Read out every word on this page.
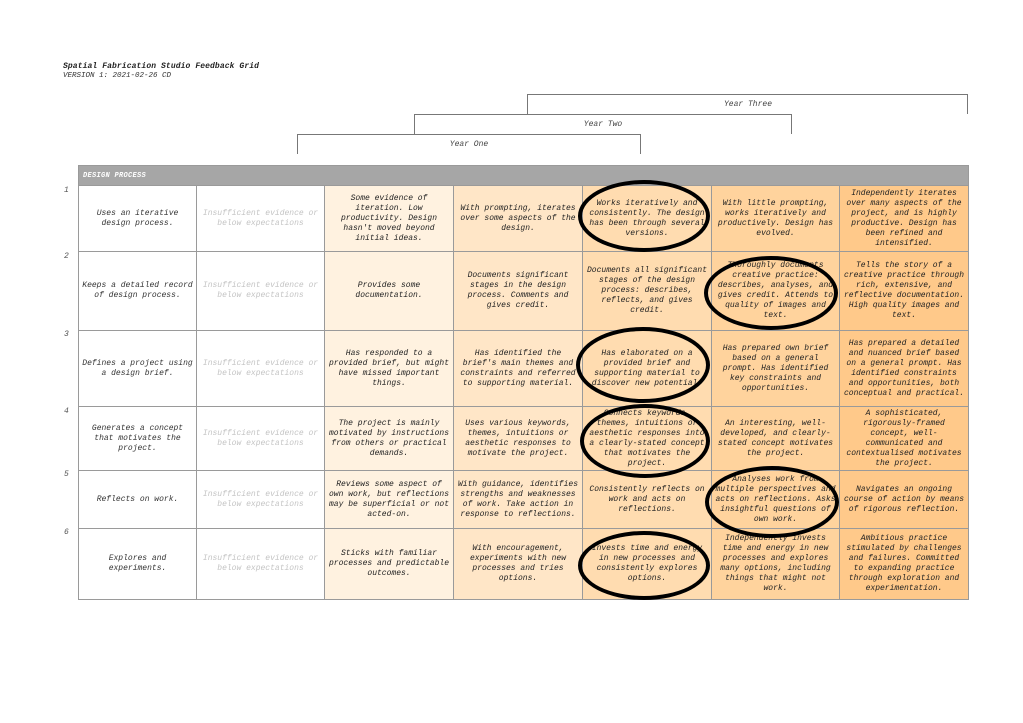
Spatial Fabrication Studio Feedback Grid
VERSION 1: 2021-02-26 CD
Year Three
Year Two
Year One
DESIGN PROCESS						
Uses an iterative design process.	Insufficient evidence or below expectations	Some evidence of iteration. Low productivity. Design hasn't moved beyond initial ideas.	With prompting, iterates over some aspects of the design.	Works iteratively and consistently. The design has been through several versions.	With little prompting, works iteratively and productively. Design has evolved.	Independently iterates over many aspects of the project, and is highly productive. Design has been refined and intensified.
Keeps a detailed record of design process.	Insufficient evidence or below expectations	Provides some documentation.	Documents significant stages in the design process. Comments and gives credit.	Documents all significant stages of the design process: describes, reflects, and gives credit.	Thoroughly documents creative practice: describes, analyses, and gives credit. Attends to quality of images and text.	Tells the story of a creative practice through rich, extensive, and reflective documentation. High quality images and text.
Defines a project using a design brief.	Insufficient evidence or below expectations	Has responded to a provided brief, but might have missed important things.	Has identified the brief's main themes and constraints and referred to supporting material.	Has elaborated on a provided brief and supporting material to discover new potential.	Has prepared own brief based on a general prompt. Has identified key constraints and opportunities.	Has prepared a detailed and nuanced brief based on a general prompt. Has identified constraints and opportunities, both conceptual and practical.
Generates a concept that motivates the project.	Insufficient evidence or below expectations	The project is mainly motivated by instructions from others or practical demands.	Uses various keywords, themes, intuitions or aesthetic responses to motivate the project.	Connects keywords, themes, intuitions or aesthetic responses into a clearly-stated concept that motivates the project.	An interesting, well-developed, and clearly-stated concept motivates the project.	A sophisticated, rigorously-framed concept, well-communicated and contextualised motivates the project.
Reflects on work.	Insufficient evidence or below expectations	Reviews some aspect of own work, but reflections may be superficial or not acted-on.	With guidance, identifies strengths and weaknesses of work. Take action in response to reflections.	Consistently reflects on work and acts on reflections.	Analyses work from multiple perspectives and acts on reflections. Asks insightful questions of own work.	Navigates an ongoing course of action by means of rigorous reflection.
Explores and experiments.	Insufficient evidence or below expectations	Sticks with familiar processes and predictable outcomes.	With encouragement, experiments with new processes and tries options.	Invests time and energy in new processes and consistently explores options.	Independently invests time and energy in new processes and explores many options, including things that might not work.	Ambitious practice stimulated by challenges and failures. Committed to expanding practice through exploration and experimentation.
1
2
3
4
5
6
